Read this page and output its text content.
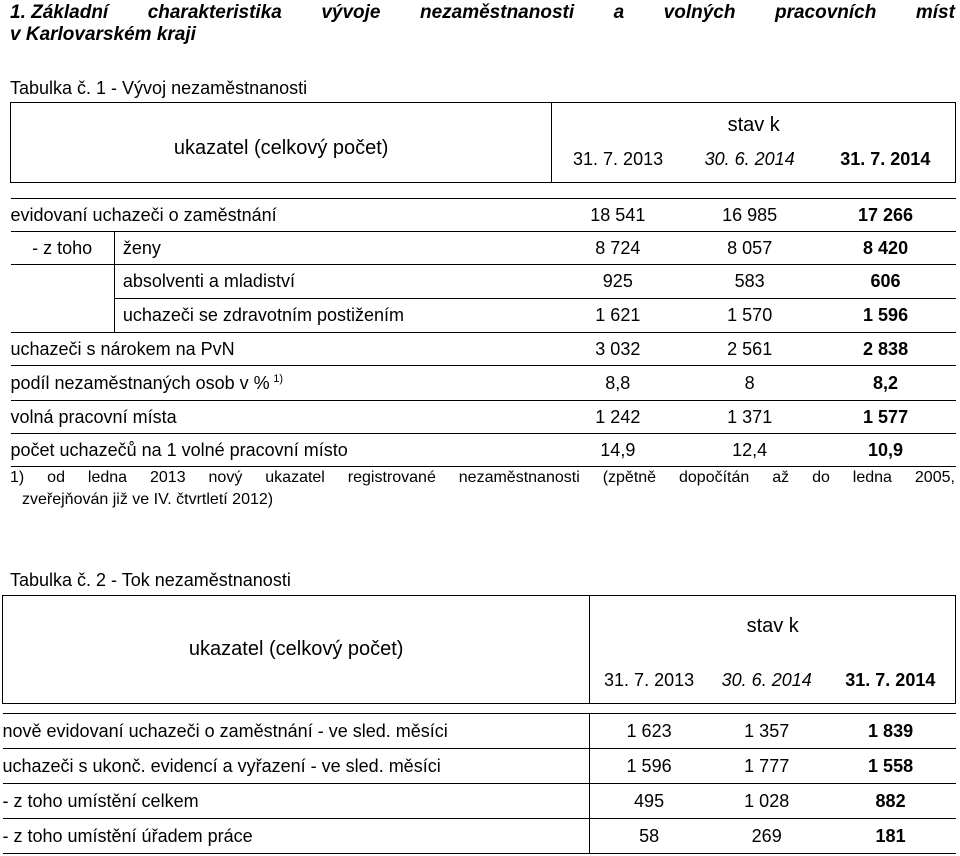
1. Základní charakteristika vývoje nezaměstnanosti a volných pracovních míst
v Karlovarském kraji
Tabulka č. 1 - Vývoj nezaměstnanosti
ukazatel (celkový počet)		stav k		
		31. 7. 2013	30. 6. 2014	31. 7. 2014

evidovaní uchazeči o zaměstnání		18 541	16 985	17 266
- z toho	ženy	8 724	8 057	8 420
	absolventi a mladiství	925	583	606
	uchazeči se zdravotním postižením	1 621	1 570	1 596
uchazeči s nárokem na PvN		3 032	2 561	2 838
podíl nezaměstnaných osob v %  $^{1)}$		8,8	8	8,2
volná pracovní místa		1 242	1 371	1 577
počet uchazečů na 1 volné pracovní místo		14,9	12,4	10,9
1) od ledna 2013 nový ukazatel registrované nezaměstnanosti (zpětně dopočítán až do ledna 2005,
zveřejňován již ve IV. čtvrtletí 2012)
Tabulka č. 2 - Tok nezaměstnanosti
ukazatel (celkový počet)	stav k		
	31. 7. 2013	30. 6. 2014	31. 7. 2014

nově evidovaní uchazeči o zaměstnání - ve sled. měsíci	1 623	1 357	1 839
uchazeči s ukonč. evidencí a vyřazení - ve sled. měsíci	1 596	1 777	1 558
- z toho umístění celkem	495	1 028	882
- z toho umístění úřadem práce	58	269	181
